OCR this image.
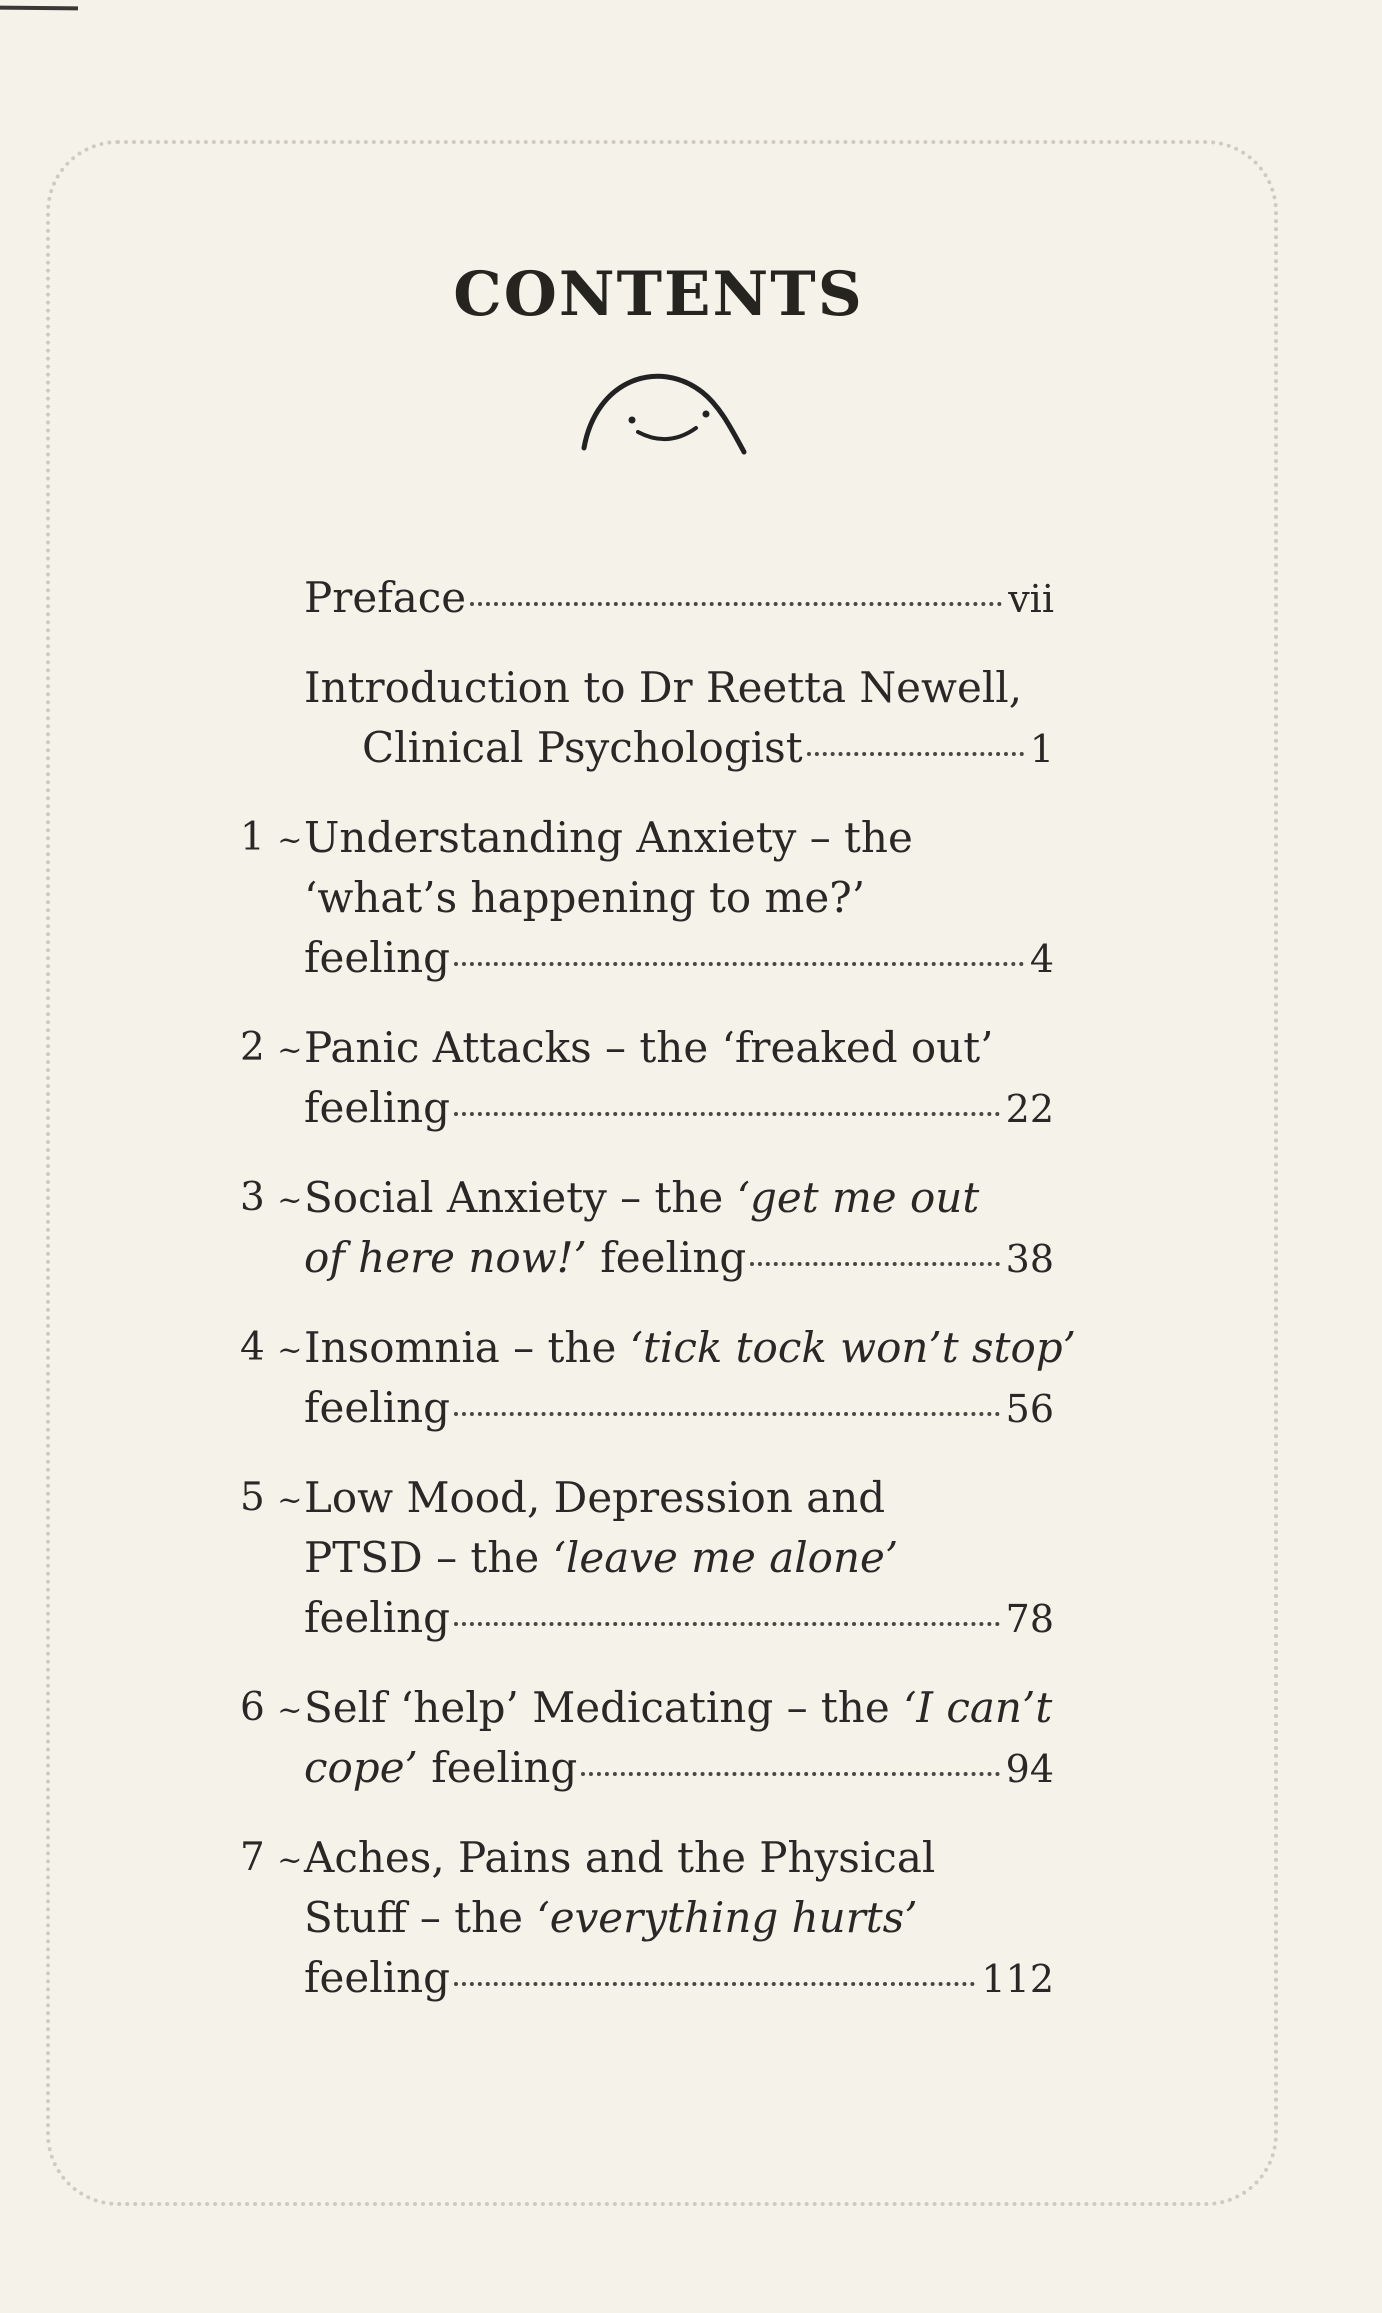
CONTENTS
Preface	vii
Introduction to Dr Reetta Newell,
Clinical Psychologist	1
1 ~ Understanding Anxiety – the
‘what’s happening to me?’
feeling	4
2 ~ Panic Attacks – the ‘freaked out’
feeling	22
3 ~ Social Anxiety – the ‘get me out
of here now!’ feeling	38
4 ~ Insomnia – the ‘tick tock won’t stop’
feeling	56
5 ~ Low Mood, Depression and
PTSD – the ‘leave me alone’
feeling	78
6 ~ Self ‘help’ Medicating – the ‘I can’t
cope’ feeling	94
7 ~ Aches, Pains and the Physical
Stuff – the ‘everything hurts’
feeling	112
